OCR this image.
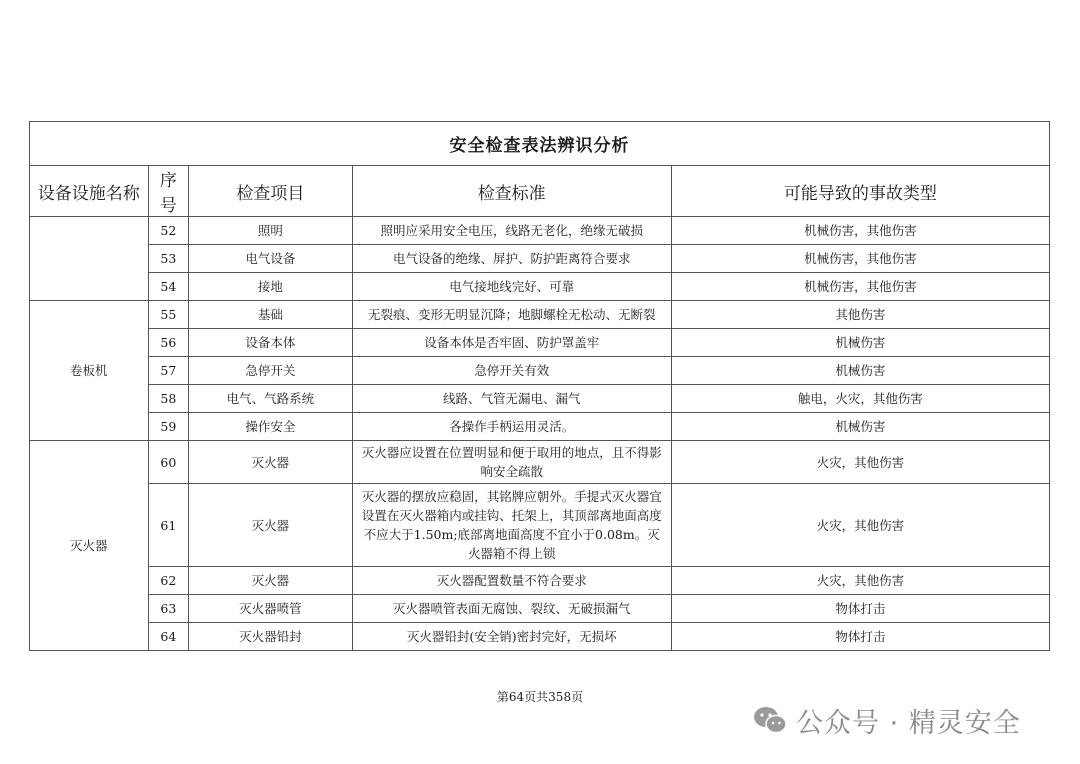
安全检查表法辨识分析				
设备设施名称	序号	检查项目	检查标准	可能导致的事故类型
	52	照明	照明应采用安全电压，线路无老化，绝缘无破损	机械伤害，其他伤害
	53	电气设备	电气设备的绝缘、屏护、防护距离符合要求	机械伤害，其他伤害
	54	接地	电气接地线完好、可靠	机械伤害，其他伤害
卷板机	55	基础	无裂痕、变形无明显沉降；地脚螺栓无松动、无断裂	其他伤害
	56	设备本体	设备本体是否牢固、防护罩盖牢	机械伤害
	57	急停开关	急停开关有效	机械伤害
	58	电气、气路系统	线路、气管无漏电、漏气	触电，火灾，其他伤害
	59	操作安全	各操作手柄运用灵活。	机械伤害
灭火器	60	灭火器	灭火器应设置在位置明显和便于取用的地点，且不得影响安全疏散	火灾，其他伤害
	61	灭火器	灭火器的摆放应稳固，其铭牌应朝外。手提式灭火器宜设置在灭火器箱内或挂钩、托架上，其顶部离地面高度不应大于1.50m;底部离地面高度不宜小于0.08m。灭火器箱不得上锁	火灾，其他伤害
	62	灭火器	灭火器配置数量不符合要求	火灾，其他伤害
	63	灭火器喷管	灭火器喷管表面无腐蚀、裂纹、无破损漏气	物体打击
	64	灭火器铅封	灭火器铅封(安全销)密封完好，无损坏	物体打击
第64页共358页
公众号 · 精灵安全
